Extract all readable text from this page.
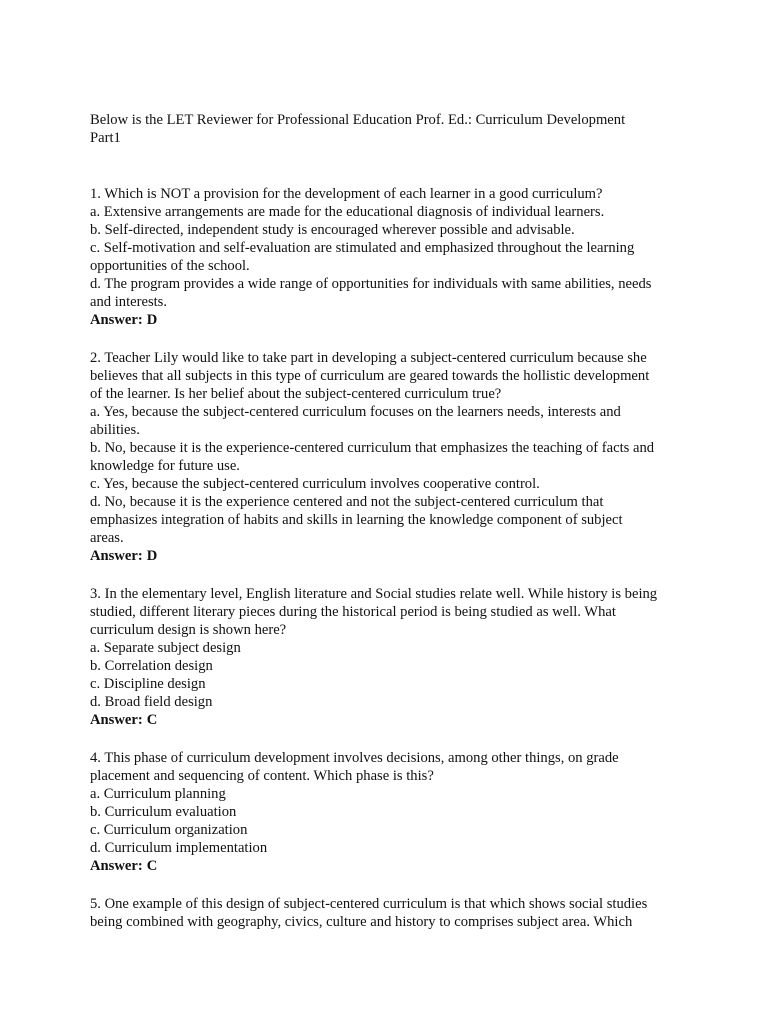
Below is the LET Reviewer for Professional Education Prof. Ed.: Curriculum Development Part1

1. Which is NOT a provision for the development of each learner in a good curriculum?

a. Extensive arrangements are made for the educational diagnosis of individual learners.

b. Self-directed, independent study is encouraged wherever possible and advisable.

c. Self-motivation and self-evaluation are stimulated and emphasized throughout the learning opportunities of the school.

d. The program provides a wide range of opportunities for individuals with same abilities, needs and interests.

Answer: D

2. Teacher Lily would like to take part in developing a subject-centered curriculum because she believes that all subjects in this type of curriculum are geared towards the hollistic development of the learner. Is her belief about the subject-centered curriculum true?

a. Yes, because the subject-centered curriculum focuses on the learners needs, interests and abilities.

b. No, because it is the experience-centered curriculum that emphasizes the teaching of facts and knowledge for future use.

c. Yes, because the subject-centered curriculum involves cooperative control.

d. No, because it is the experience centered and not the subject-centered curriculum that emphasizes integration of habits and skills in learning the knowledge component of subject areas.

Answer: D

3. In the elementary level, English literature and Social studies relate well. While history is being studied, different literary pieces during the historical period is being studied as well. What curriculum design is shown here?

a. Separate subject design

b. Correlation design

c. Discipline design

d. Broad field design

Answer: C

4. This phase of curriculum development involves decisions, among other things, on grade placement and sequencing of content. Which phase is this?

a. Curriculum planning

b. Curriculum evaluation

c. Curriculum organization

d. Curriculum implementation

Answer: C

5. One example of this design of subject-centered curriculum is that which shows social studies being combined with geography, civics, culture and history to comprises subject area. Which
